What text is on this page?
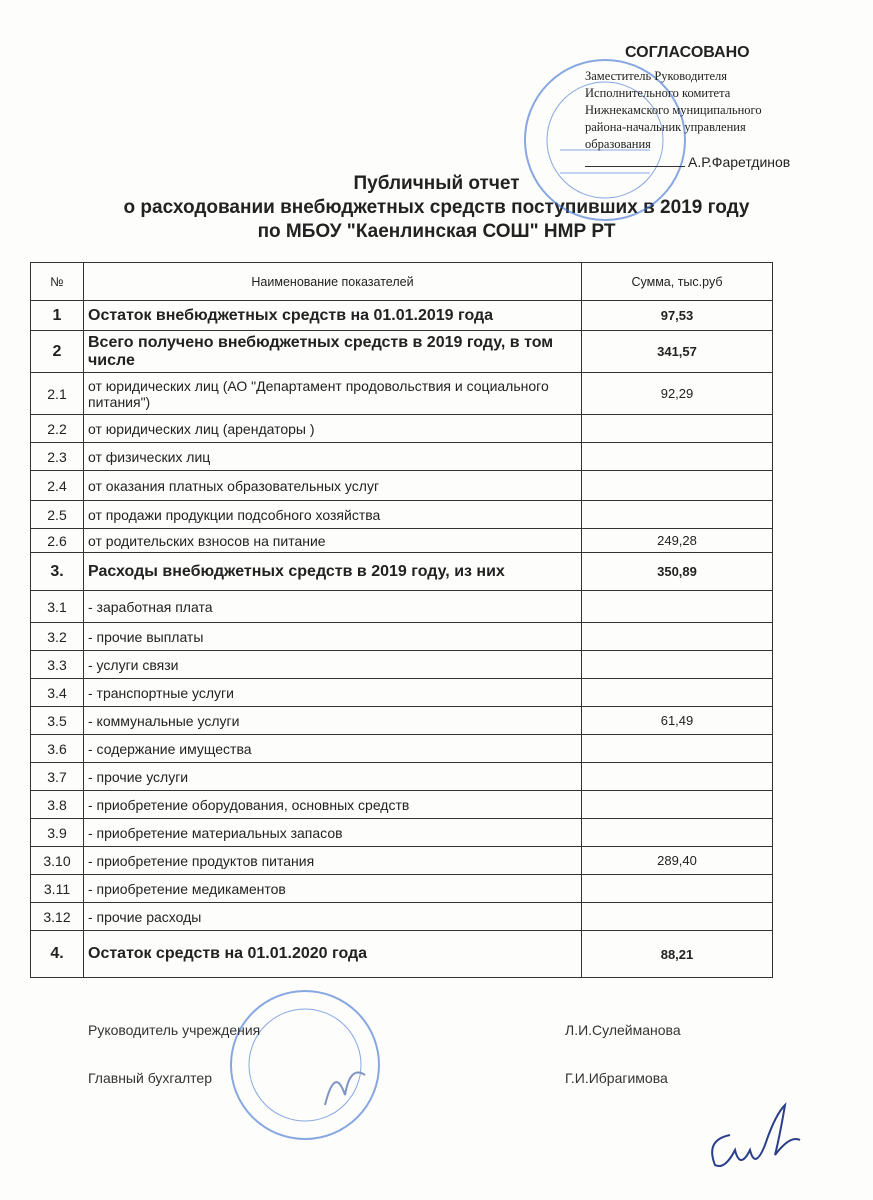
СОГЛАСОВАНО
Заместитель Руководителя
Исполнительного комитета
Нижнекамского муниципального
района-начальник управления
образования
А.Р.Фаретдинов
Публичный отчет
о расходовании внебюджетных средств поступивших в 2019 году
по МБОУ "Каенлинская СОШ" НМР РТ
№	Наименование показателей	Сумма, тыс.руб
1	Остаток внебюджетных средств на 01.01.2019 года	97,53
2	Всего получено внебюджетных средств в 2019 году, в том числе	341,57
2.1	от юридических лиц (АО "Департамент продовольствия и социального питания")	92,29
2.2	от юридических лиц (арендаторы )	
2.3	от физических лиц	
2.4	от оказания платных образовательных услуг	
2.5	от продажи продукции подсобного хозяйства	
2.6	от родительских взносов на питание	249,28
3.	Расходы внебюджетных средств в 2019 году, из них	350,89
3.1	- заработная плата	
3.2	- прочие выплаты	
3.3	- услуги связи	
3.4	- транспортные услуги	
3.5	- коммунальные услуги	61,49
3.6	- содержание имущества	
3.7	- прочие услуги	
3.8	- приобретение оборудования, основных средств	
3.9	- приобретение материальных запасов	
3.10	- приобретение продуктов питания	289,40
3.11	- приобретение медикаментов	
3.12	- прочие расходы	
4.	Остаток средств на 01.01.2020 года	88,21
Руководитель учреждения	Л.И.Сулейманова
Главный бухгалтер	Г.И.Ибрагимова
